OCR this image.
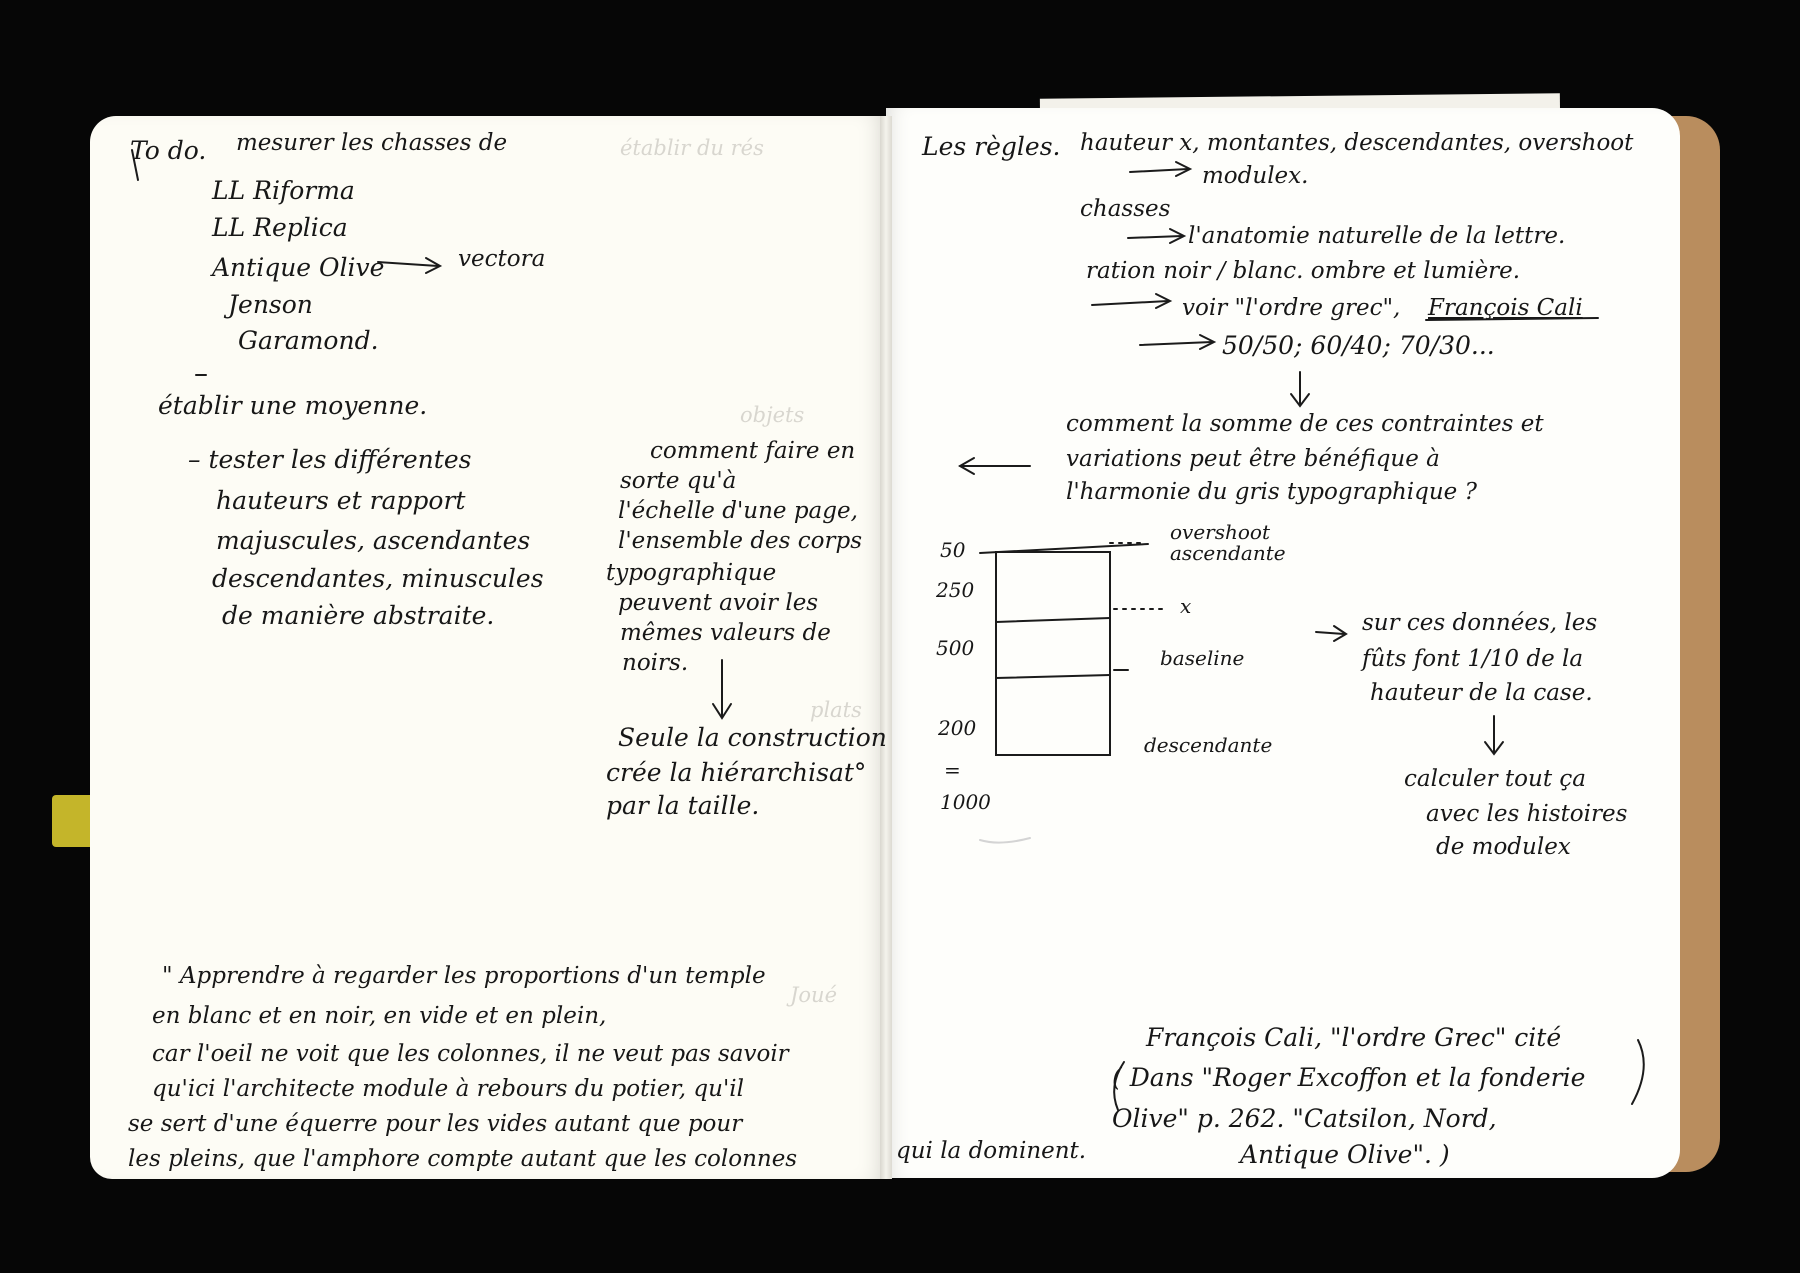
établir du rés
objets
plats
Joué
To do. mesurer les chasses de
LL Riforma
LL Replica
Antique Olive
Jenson
Garamond.
vectora
établir une moyenne.
– tester les différentes
hauteurs et rapport
majuscules, ascendantes
descendantes, minuscules
de manière abstraite.
comment faire en
sorte qu'à
l'échelle d'une page,
l'ensemble des corps
typographique
peuvent avoir les
mêmes valeurs de
noirs.
Seule la construction
crée la hiérarchisat°
par la taille.
" Apprendre à regarder les proportions d'un temple
en blanc et en noir, en vide et en plein,
car l'oeil ne voit que les colonnes, il ne veut pas savoir
qu'ici l'architecte module à rebours du potier, qu'il
se sert d'une équerre pour les vides autant que pour
les pleins, que l'amphore compte autant que les colonnes
Les règles. hauteur x, montantes, descendantes, overshoot
modulex.
chasses
l'anatomie naturelle de la lettre.
ration noir / blanc. ombre et lumière.
voir "l'ordre grec", François Cali
50/50; 60/40; 70/30...
comment la somme de ces contraintes et
variations peut être bénéfique à
l'harmonie du gris typographique ?
50
250
500
200
=
1000
overshoot
ascendante
x
baseline
descendante
sur ces données, les
fûts font 1/10 de la
hauteur de la case.
calculer tout ça
avec les histoires
de modulex
qui la dominent.
François Cali, "l'ordre Grec" cité
( Dans "Roger Excoffon et la fonderie
Olive" p. 262. "Catsilon, Nord,
Antique Olive". )
